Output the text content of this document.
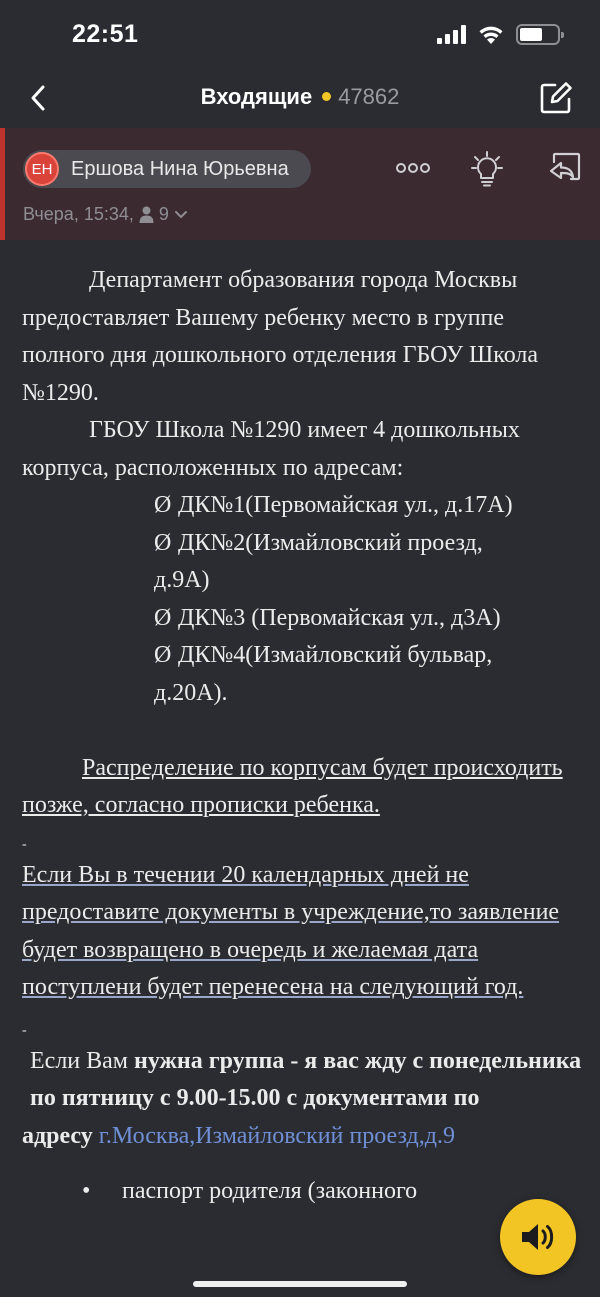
22:51
Входящие 47862
EH Ершова Нина Юрьевна
Вчера, 15:34, 9

Департамент образования города Москвы предоставляет Вашему ребенку место в группе полного дня дошкольного отделения ГБОУ Школа №1290.

ГБОУ Школа №1290 имеет 4 дошкольных корпуса, расположенных по адресам:

Ø ДК№1(Первомайская ул., д.17А)

Ø ДК№2(Измайловский проезд,
д.9А)

Ø ДК№3 (Первомайская ул., д3А)

Ø ДК№4(Измайловский бульвар,
д.20А).

Распределение по корпусам будет происходить позже, согласно прописки ребенка.

-

Если Вы в течении 20 календарных дней не предоставите документы в учреждение,то заявление будет возвращено в очередь и желаемая дата поступлени будет перенесена на следующий год.

-

Если Вам нужна группа - я вас жду с понедельника по пятницу с 9.00-15.00 с документами по

адресу г.Москва,Измайловский проезд,д.9

• паспорт родителя (законного
